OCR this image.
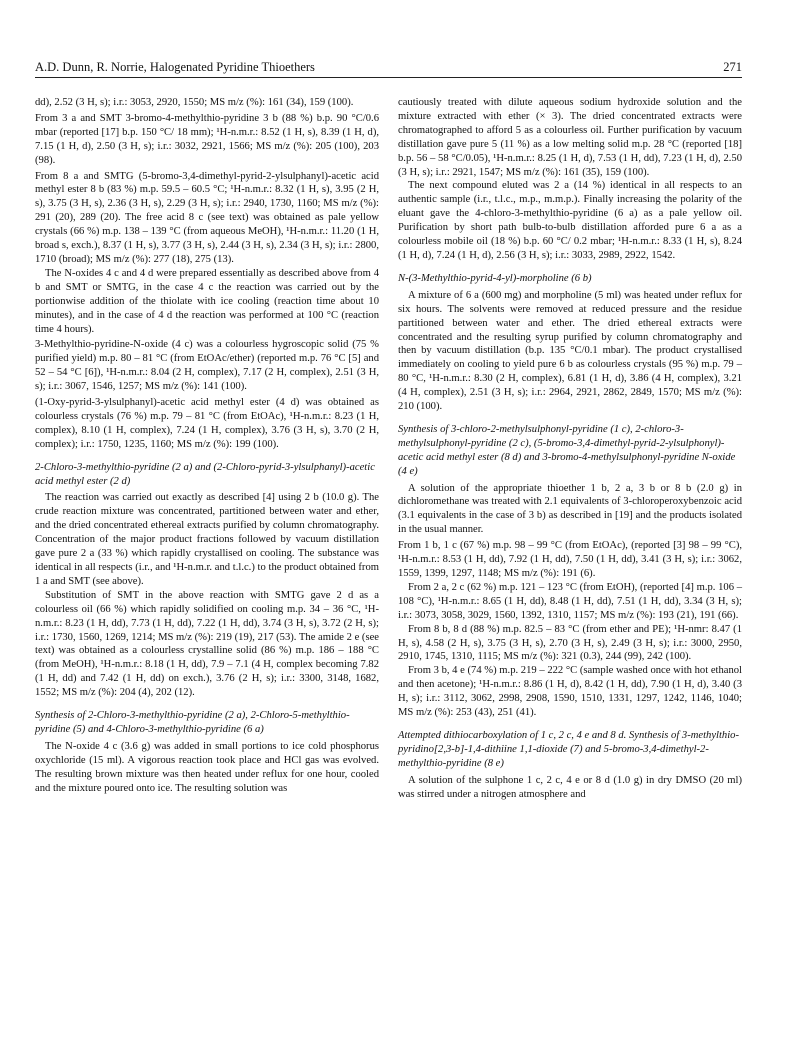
A.D. Dunn, R. Norrie, Halogenated Pyridine Thioethers	271

dd), 2.52 (3 H, s); i.r.: 3053, 2920, 1550; MS m/z (%): 161 (34), 159 (100).

From 3 a and SMT 3-bromo-4-methylthio-pyridine 3 b (88 %) b.p. 90 °C/0.6 mbar (reported [17] b.p. 150 °C/ 18 mm); ¹H-n.m.r.: 8.52 (1 H, s), 8.39 (1 H, d), 7.15 (1 H, d), 2.50 (3 H, s); i.r.: 3032, 2921, 1566; MS m/z (%): 205 (100), 203 (98).

From 8 a and SMTG (5-bromo-3,4-dimethyl-pyrid-2-ylsulphanyl)-acetic acid methyl ester 8 b (83 %) m.p. 59.5 – 60.5 °C; ¹H-n.m.r.: 8.32 (1 H, s), 3.95 (2 H, s), 3.75 (3 H, s), 2.36 (3 H, s), 2.29 (3 H, s); i.r.: 2940, 1730, 1160; MS m/z (%): 291 (20), 289 (20). The free acid 8 c (see text) was obtained as pale yellow crystals (66 %) m.p. 138 – 139 °C (from aqueous MeOH), ¹H-n.m.r.: 11.20 (1 H, broad s, exch.), 8.37 (1 H, s), 3.77 (3 H, s), 2.44 (3 H, s), 2.34 (3 H, s); i.r.: 2800, 1710 (broad); MS m/z (%): 277 (18), 275 (13).

The N-oxides 4 c and 4 d were prepared essentially as described above from 4 b and SMT or SMTG, in the case 4 c the reaction was carried out by the portionwise addition of the thiolate with ice cooling (reaction time about 10 minutes), and in the case of 4 d the reaction was performed at 100 °C (reaction time 4 hours).

3-Methylthio-pyridine-N-oxide (4 c) was a colourless hygroscopic solid (75 % purified yield) m.p. 80 – 81 °C (from EtOAc/ether) (reported m.p. 76 °C [5] and 52 – 54 °C [6]), ¹H-n.m.r.: 8.04 (2 H, complex), 7.17 (2 H, complex), 2.51 (3 H, s); i.r.: 3067, 1546, 1257; MS m/z (%): 141 (100).

(1-Oxy-pyrid-3-ylsulphanyl)-acetic acid methyl ester (4 d) was obtained as colourless crystals (76 %) m.p. 79 – 81 °C (from EtOAc), ¹H-n.m.r.: 8.23 (1 H, complex), 8.10 (1 H, complex), 7.24 (1 H, complex), 3.76 (3 H, s), 3.70 (2 H, complex); i.r.: 1750, 1235, 1160; MS m/z (%): 199 (100).

2-Chloro-3-methylthio-pyridine (2 a) and (2-Chloro-pyrid-3-ylsulphanyl)-acetic acid methyl ester (2 d)

The reaction was carried out exactly as described [4] using 2 b (10.0 g). The crude reaction mixture was concentrated, partitioned between water and ether, and the dried concentrated ethereal extracts purified by column chromatography. Concentration of the major product fractions followed by vacuum distillation gave pure 2 a (33 %) which rapidly crystallised on cooling. The substance was identical in all respects (i.r., and ¹H-n.m.r. and t.l.c.) to the product obtained from 1 a and SMT (see above).

Substitution of SMT in the above reaction with SMTG gave 2 d as a colourless oil (66 %) which rapidly solidified on cooling m.p. 34 – 36 °C, ¹H-n.m.r.: 8.23 (1 H, dd), 7.73 (1 H, dd), 7.22 (1 H, dd), 3.74 (3 H, s), 3.72 (2 H, s); i.r.: 1730, 1560, 1269, 1214; MS m/z (%): 219 (19), 217 (53). The amide 2 e (see text) was obtained as a colourless crystalline solid (86 %) m.p. 186 – 188 °C (from MeOH), ¹H-n.m.r.: 8.18 (1 H, dd), 7.9 – 7.1 (4 H, complex becoming 7.82 (1 H, dd) and 7.42 (1 H, dd) on exch.), 3.76 (2 H, s); i.r.: 3300, 3148, 1682, 1552; MS m/z (%): 204 (4), 202 (12).

Synthesis of 2-Chloro-3-methylthio-pyridine (2 a), 2-Chloro-5-methylthio-pyridine (5) and 4-Chloro-3-methylthio-pyridine (6 a)

The N-oxide 4 c (3.6 g) was added in small portions to ice cold phosphorus oxychloride (15 ml). A vigorous reaction took place and HCl gas was evolved. The resulting brown mixture was then heated under reflux for one hour, cooled and the mixture poured onto ice. The resulting solution was

cautiously treated with dilute aqueous sodium hydroxide solution and the mixture extracted with ether (× 3). The dried concentrated extracts were chromatographed to afford 5 as a colourless oil. Further purification by vacuum distillation gave pure 5 (11 %) as a low melting solid m.p. 28 °C (reported [18] b.p. 56 – 58 °C/0.05), ¹H-n.m.r.: 8.25 (1 H, d), 7.53 (1 H, dd), 7.23 (1 H, d), 2.50 (3 H, s); i.r.: 2921, 1547; MS m/z (%): 161 (35), 159 (100).

The next compound eluted was 2 a (14 %) identical in all respects to an authentic sample (i.r., t.l.c., m.p., m.m.p.). Finally increasing the polarity of the eluant gave the 4-chloro-3-methylthio-pyridine (6 a) as a pale yellow oil. Purification by short path bulb-to-bulb distillation afforded pure 6 a as a colourless mobile oil (18 %) b.p. 60 °C/ 0.2 mbar; ¹H-n.m.r.: 8.33 (1 H, s), 8.24 (1 H, d), 7.24 (1 H, d), 2.56 (3 H, s); i.r.: 3033, 2989, 2922, 1542.

N-(3-Methylthio-pyrid-4-yl)-morpholine (6 b)

A mixture of 6 a (600 mg) and morpholine (5 ml) was heated under reflux for six hours. The solvents were removed at reduced pressure and the residue partitioned between water and ether. The dried ethereal extracts were concentrated and the resulting syrup purified by column chromatography and then by vacuum distillation (b.p. 135 °C/0.1 mbar). The product crystallised immediately on cooling to yield pure 6 b as colourless crystals (95 %) m.p. 79 – 80 °C, ¹H-n.m.r.: 8.30 (2 H, complex), 6.81 (1 H, d), 3.86 (4 H, complex), 3.21 (4 H, complex), 2.51 (3 H, s); i.r.: 2964, 2921, 2862, 2849, 1570; MS m/z (%): 210 (100).

Synthesis of 3-chloro-2-methylsulphonyl-pyridine (1 c), 2-chloro-3-methylsulphonyl-pyridine (2 c), (5-bromo-3,4-dimethyl-pyrid-2-ylsulphonyl)-acetic acid methyl ester (8 d) and 3-bromo-4-methylsulphonyl-pyridine N-oxide (4 e)

A solution of the appropriate thioether 1 b, 2 a, 3 b or 8 b (2.0 g) in dichloromethane was treated with 2.1 equivalents of 3-chloroperoxybenzoic acid (3.1 equivalents in the case of 3 b) as described in [19] and the products isolated in the usual manner.

From 1 b, 1 c (67 %) m.p. 98 – 99 °C (from EtOAc), (reported [3] 98 – 99 °C), ¹H-n.m.r.: 8.53 (1 H, dd), 7.92 (1 H, dd), 7.50 (1 H, dd), 3.41 (3 H, s); i.r.: 3062, 1559, 1399, 1297, 1148; MS m/z (%): 191 (6).

From 2 a, 2 c (62 %) m.p. 121 – 123 °C (from EtOH), (reported [4] m.p. 106 – 108 °C), ¹H-n.m.r.: 8.65 (1 H, dd), 8.48 (1 H, dd), 7.51 (1 H, dd), 3.34 (3 H, s); i.r.: 3073, 3058, 3029, 1560, 1392, 1310, 1157; MS m/z (%): 193 (21), 191 (66).

From 8 b, 8 d (88 %) m.p. 82.5 – 83 °C (from ether and PE); ¹H-nmr: 8.47 (1 H, s), 4.58 (2 H, s), 3.75 (3 H, s), 2.70 (3 H, s), 2.49 (3 H, s); i.r.: 3000, 2950, 2910, 1745, 1310, 1115; MS m/z (%): 321 (0.3), 244 (99), 242 (100).

From 3 b, 4 e (74 %) m.p. 219 – 222 °C (sample washed once with hot ethanol and then acetone); ¹H-n.m.r.: 8.86 (1 H, d), 8.42 (1 H, dd), 7.90 (1 H, d), 3.40 (3 H, s); i.r.: 3112, 3062, 2998, 2908, 1590, 1510, 1331, 1297, 1242, 1146, 1040; MS m/z (%): 253 (43), 251 (41).

Attempted dithiocarboxylation of 1 c, 2 c, 4 e and 8 d. Synthesis of 3-methylthio-pyridino[2,3-b]-1,4-dithiine 1,1-dioxide (7) and 5-bromo-3,4-dimethyl-2-methylthio-pyridine (8 e)

A solution of the sulphone 1 c, 2 c, 4 e or 8 d (1.0 g) in dry DMSO (20 ml) was stirred under a nitrogen atmosphere and
